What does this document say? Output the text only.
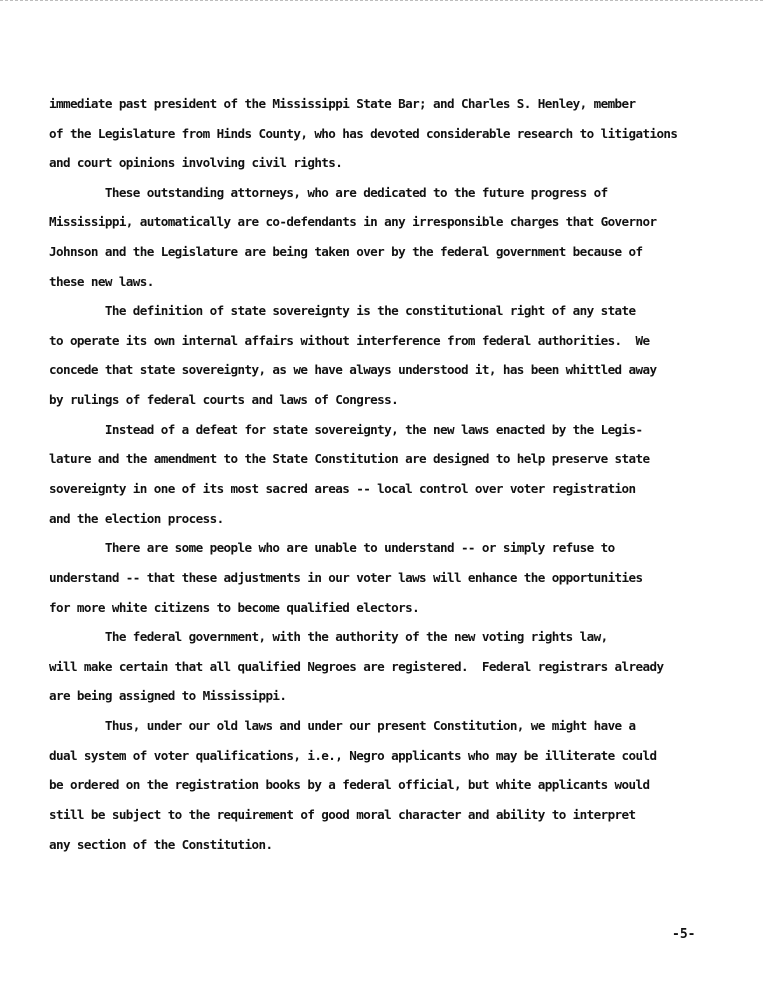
immediate past president of the Mississippi State Bar; and Charles S. Henley, member
of the Legislature from Hinds County, who has devoted considerable research to litigations
and court opinions involving civil rights.
These outstanding attorneys, who are dedicated to the future progress of
Mississippi, automatically are co-defendants in any irresponsible charges that Governor
Johnson and the Legislature are being taken over by the federal government because of
these new laws.
The definition of state sovereignty is the constitutional right of any state
to operate its own internal affairs without interference from federal authorities.  We
concede that state sovereignty, as we have always understood it, has been whittled away
by rulings of federal courts and laws of Congress.
Instead of a defeat for state sovereignty, the new laws enacted by the Legis-
lature and the amendment to the State Constitution are designed to help preserve state
sovereignty in one of its most sacred areas -- local control over voter registration
and the election process.
There are some people who are unable to understand -- or simply refuse to
understand -- that these adjustments in our voter laws will enhance the opportunities
for more white citizens to become qualified electors.
The federal government, with the authority of the new voting rights law,
will make certain that all qualified Negroes are registered.  Federal registrars already
are being assigned to Mississippi.
Thus, under our old laws and under our present Constitution, we might have a
dual system of voter qualifications, i.e., Negro applicants who may be illiterate could
be ordered on the registration books by a federal official, but white applicants would
still be subject to the requirement of good moral character and ability to interpret
any section of the Constitution.
-5-
